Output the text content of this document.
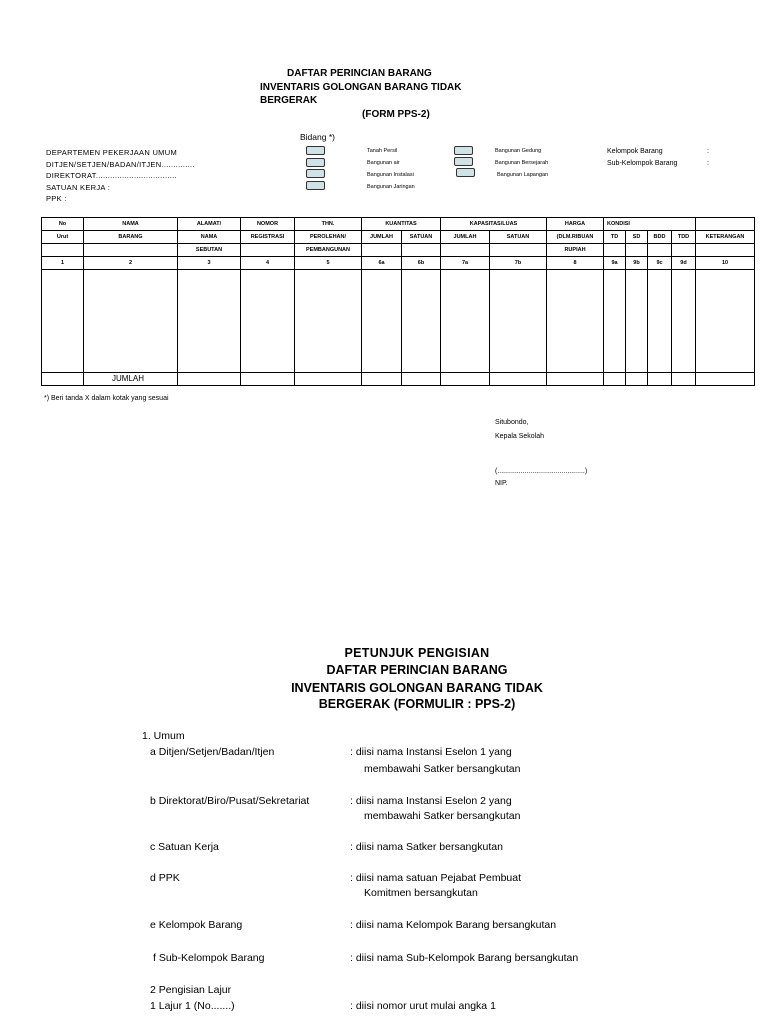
DAFTAR PERINCIAN BARANG
INVENTARIS GOLONGAN BARANG TIDAK
BERGERAK
(FORM PPS-2)
Bidang *)
DEPARTEMEN PEKERJAAN UMUM
DITJEN/SETJEN/BADAN/ITJEN..............
DIREKTORAT..................................
SATUAN KERJA :
PPK :
Tanah Persil
Bangunan air
Bangunan Instalasi
Bangunan Jaringan
Bangunan Gedung
Bangunan Bersejarah
Bangunan Lapangan
Kelompok Barang
Sub-Kelompok Barang
:
:
No	NAMA	ALAMAT/	NOMOR	THN.	KUANTITAS	KAPASITAS/LUAS	HARGA	KONDISI	
Urut	BARANG	NAMA	REGISTRASI	PEROLEHAN/	JUMLAH	SATUAN	JUMLAH	SATUAN	(DLM.RIBUAN	TD	SD	BDD	TDD	KETERANGAN
		SEBUTAN		PEMBANGUNAN					RUPIAH					
1	2	3	4	5	6a	6b	7a	7b	8	9a	9b	9c	9d	10

	JUMLAH													
*) Beri tanda X dalam kotak yang sesuai
Situbondo,
Kepala Sekolah
(.............................................)
NIP.
PETUNJUK PENGISIAN
DAFTAR PERINCIAN BARANG
INVENTARIS GOLONGAN BARANG TIDAK
BERGERAK (FORMULIR : PPS-2)
1. Umum
a Ditjen/Setjen/Badan/Itjen	: diisi nama Instansi Eselon 1 yang
membawahi Satker bersangkutan
b Direktorat/Biro/Pusat/Sekretariat	: diisi nama Instansi Eselon 2 yang
membawahi Satker bersangkutan
c Satuan Kerja	: diisi nama Satker bersangkutan
d PPK	: diisi nama satuan Pejabat Pembuat
Komitmen bersangkutan
e Kelompok Barang	: diisi nama Kelompok Barang bersangkutan
f Sub-Kelompok Barang	: diisi nama Sub-Kelompok Barang bersangkutan
2 Pengisian Lajur
1 Lajur 1 (No.......)	: diisi nomor urut mulai angka 1
